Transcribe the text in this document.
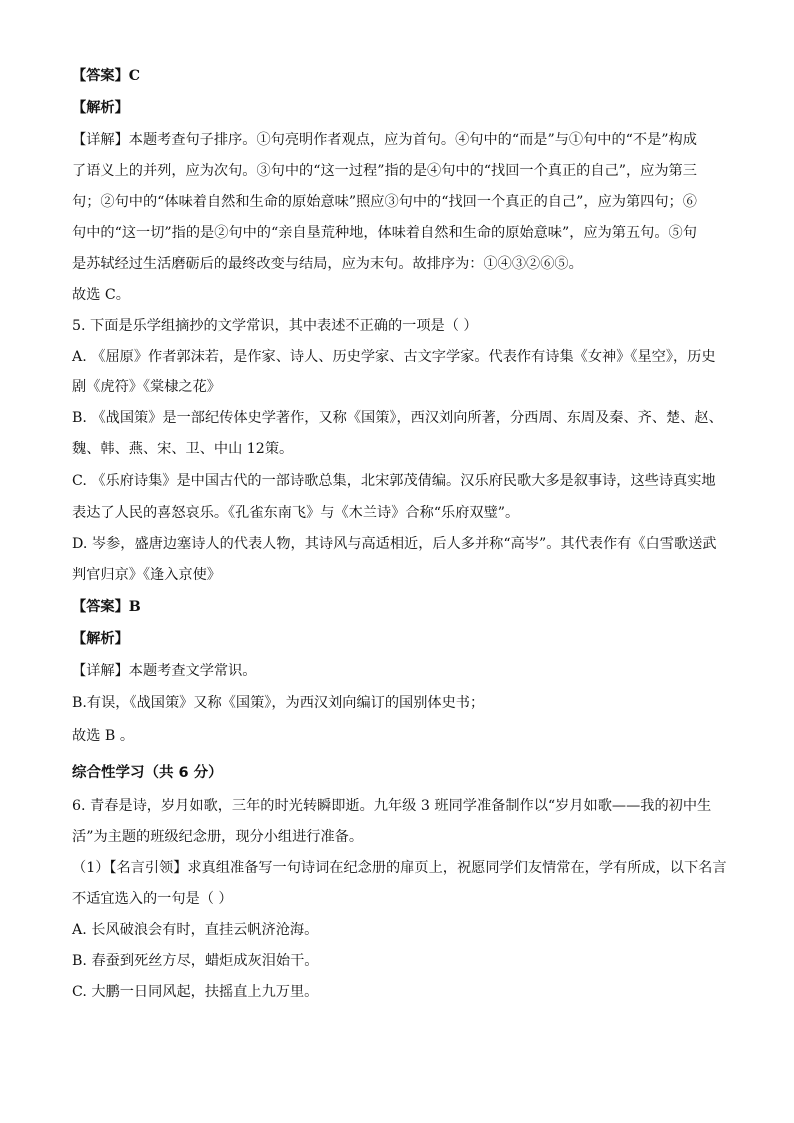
【答案】C
【解析】
【详解】本题考查句子排序。①句亮明作者观点，应为首句。④句中的“而是”与①句中的“不是”构成
了语义上的并列，应为次句。③句中的“这一过程”指的是④句中的“找回一个真正的自己”，应为第三
句；②句中的“体味着自然和生命的原始意味”照应③句中的“找回一个真正的自己”，应为第四句；⑥
句中的“这一切”指的是②句中的“亲自垦荒种地，体味着自然和生命的原始意味”，应为第五句。⑤句
是苏轼经过生活磨砺后的最终改变与结局，应为末句。故排序为：①④③②⑥⑤。
故选 C。
5. 下面是乐学组摘抄的文学常识，其中表述不正确的一项是（ ）
A. 《屈原》作者郭沫若，是作家、诗人、历史学家、古文字学家。代表作有诗集《女神》《星空》，历史
剧《虎符》《棠棣之花》
B. 《战国策》是一部纪传体史学著作，又称《国策》，西汉刘向所著，分西周、东周及秦、齐、楚、赵、
魏、韩、燕、宋、卫、中山 12策。
C. 《乐府诗集》是中国古代的一部诗歌总集，北宋郭茂倩编。汉乐府民歌大多是叙事诗，这些诗真实地
表达了人民的喜怒哀乐。《孔雀东南飞》与《木兰诗》合称“乐府双璧”。
D. 岑参，盛唐边塞诗人的代表人物，其诗风与高适相近，后人多并称“高岑”。其代表作有《白雪歌送武
判官归京》《逢入京使》
【答案】B
【解析】
【详解】本题考查文学常识。
B.有误，《战国策》又称《国策》，为西汉刘向编订的国别体史书；
故选 B 。
综合性学习（共 6 分）
6. 青春是诗，岁月如歌，三年的时光转瞬即逝。九年级 3 班同学准备制作以“岁月如歌——我的初中生
活”为主题的班级纪念册，现分小组进行准备。
（1）【名言引领】求真组准备写一句诗词在纪念册的扉页上，祝愿同学们友情常在，学有所成，以下名言
不适宜选入的一句是（ ）
A. 长风破浪会有时，直挂云帆济沧海。
B. 春蚕到死丝方尽，蜡炬成灰泪始干。
C. 大鹏一日同风起，扶摇直上九万里。
